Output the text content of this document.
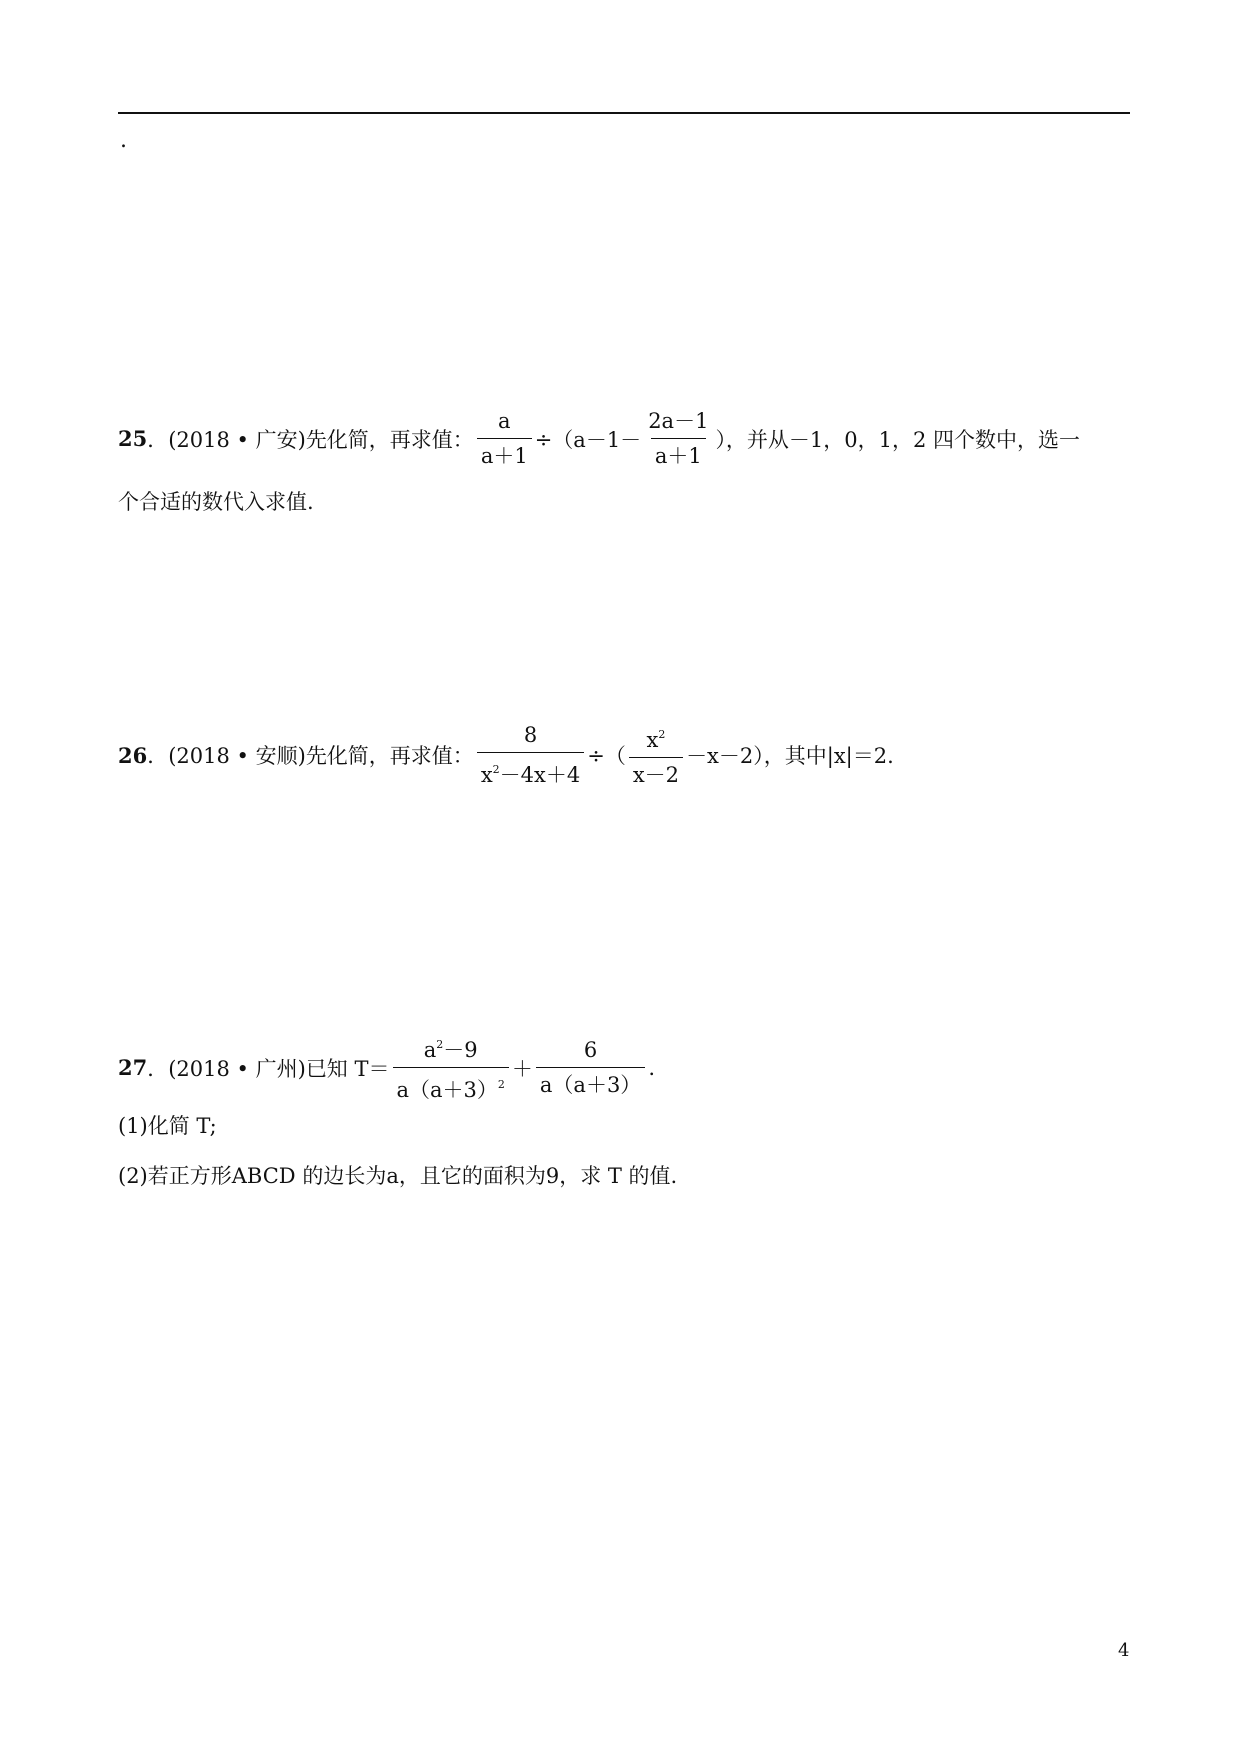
.
25 ．(2018 • 广安) 先化简，再求值： $\frac{a}{a+1} \div(a-1- \frac{2a-1}{a+1}$ ），并从－1，0，1，2 四个数中，选一
个合适的数代入求值.
26 ．(2018 • 安顺) 先化简，再求值： $\frac{8}{x^2-4x+4}$ ÷（ $\frac{x^2}{x-2} -x-2$），其中|x|＝2.
27 ．(2018 • 广州) 已知 $T= \frac{a^2-9}{a(a+3)^2} + \frac{6}{a(a+3)}$ .
(1)化简 T;
(2)若正方形ABCD 的边长为a，且它的面积为9，求 T 的值.
4
